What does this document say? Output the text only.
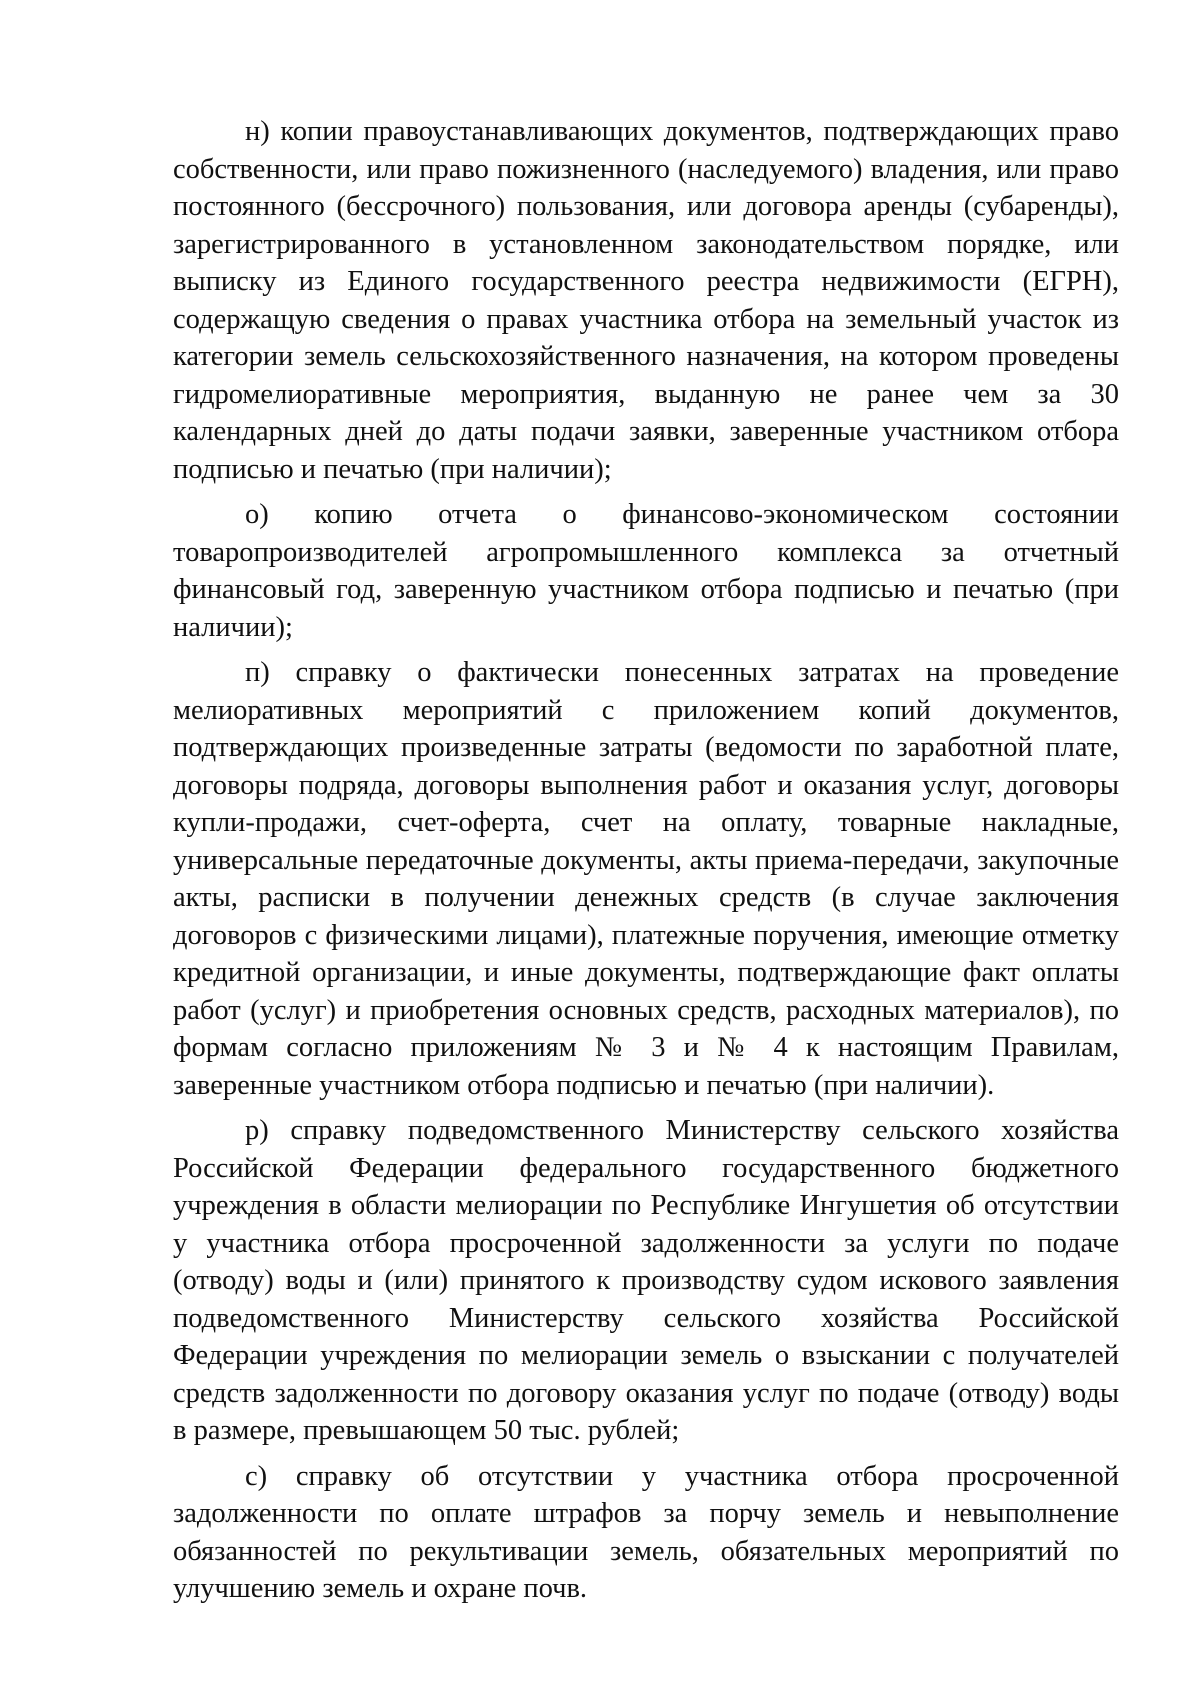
н) копии правоустанавливающих документов, подтверждающих право собственности, или право пожизненного (наследуемого) владения, или право постоянного (бессрочного) пользования, или договора аренды (субаренды), зарегистрированного в установленном законодательством порядке, или выписку из Единого государственного реестра недвижимости (ЕГРН), содержащую сведения о правах участника отбора на земельный участок из категории земель сельскохозяйственного назначения, на котором проведены гидромелиоративные мероприятия, выданную не ранее чем за 30 календарных дней до даты подачи заявки, заверенные участником отбора подписью и печатью (при наличии);

о) копию отчета о финансово-экономическом состоянии товаропроизводителей агропромышленного комплекса за отчетный финансовый год, заверенную участником отбора подписью и печатью (при наличии);

п) справку о фактически понесенных затратах на проведение мелиоративных мероприятий с приложением копий документов, подтверждающих произведенные затраты (ведомости по заработной плате, договоры подряда, договоры выполнения работ и оказания услуг, договоры купли-продажи, счет-оферта, счет на оплату, товарные накладные, универсальные передаточные документы, акты приема-передачи, закупочные акты, расписки в получении денежных средств (в случае заключения договоров с физическими лицами), платежные поручения, имеющие отметку кредитной организации, и иные документы, подтверждающие факт оплаты работ (услуг) и приобретения основных средств, расходных материалов), по формам согласно приложениям № 3 и № 4 к настоящим Правилам, заверенные участником отбора подписью и печатью (при наличии).

р) справку подведомственного Министерству сельского хозяйства Российской Федерации федерального государственного бюджетного учреждения в области мелиорации по Республике Ингушетия об отсутствии у участника отбора просроченной задолженности за услуги по подаче (отводу) воды и (или) принятого к производству судом искового заявления подведомственного Министерству сельского хозяйства Российской Федерации учреждения по мелиорации земель о взыскании с получателей средств задолженности по договору оказания услуг по подаче (отводу) воды в размере, превышающем 50 тыс. рублей;

с) справку об отсутствии у участника отбора просроченной задолженности по оплате штрафов за порчу земель и невыполнение обязанностей по рекультивации земель, обязательных мероприятий по улучшению земель и охране почв.
